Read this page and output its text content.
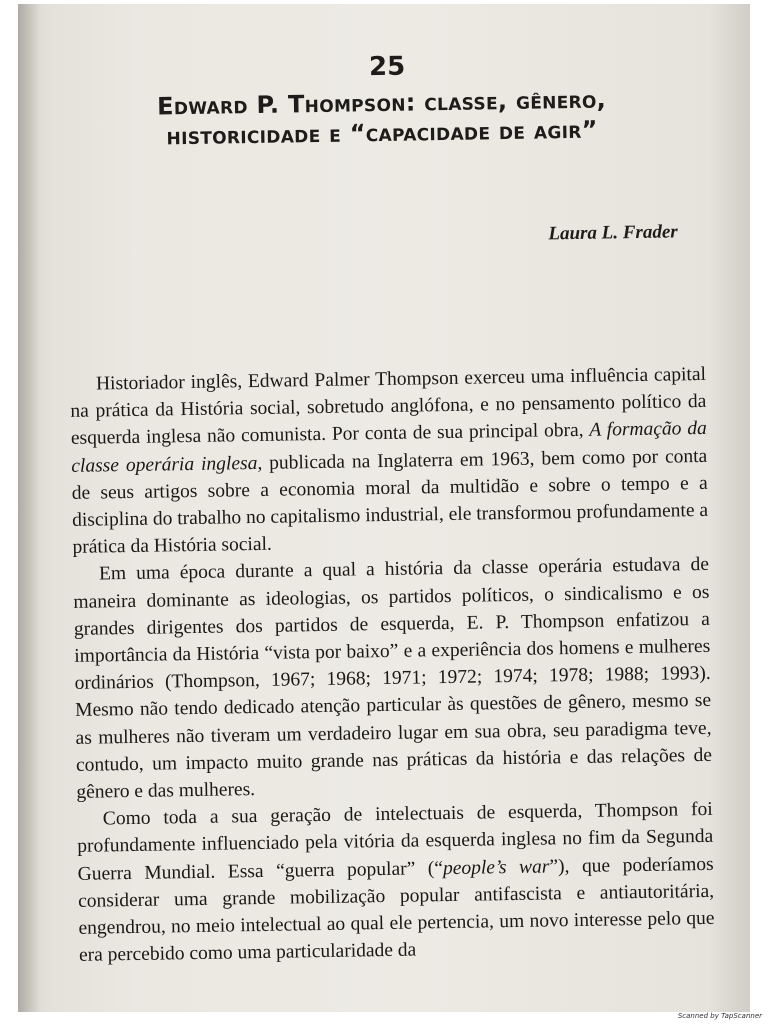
25
Edward P. Thompson: classe, gênero,
historicidade e “capacidade de agir”
Laura L. Frader

Historiador inglês, Edward Palmer Thompson exerceu uma influência capital na prática da História social, sobretudo anglófona, e no pensamento político da esquerda inglesa não comunista. Por conta de sua principal obra, A formação da classe operária inglesa, publicada na Inglaterra em 1963, bem como por conta de seus artigos sobre a economia moral da multidão e sobre o tempo e a disciplina do trabalho no capitalismo industrial, ele transformou profundamente a prática da História social.

Em uma época durante a qual a história da classe operária estudava de maneira dominante as ideologias, os partidos políticos, o sindicalismo e os grandes dirigentes dos partidos de esquerda, E. P. Thompson enfatizou a importância da História “vista por baixo” e a experiência dos homens e mulheres ordinários (Thompson, 1967; 1968; 1971; 1972; 1974; 1978; 1988; 1993). Mesmo não tendo dedicado atenção particular às questões de gênero, mesmo se as mulheres não tiveram um verdadeiro lugar em sua obra, seu paradigma teve, contudo, um impacto muito grande nas práticas da história e das relações de gênero e das mulheres.

Como toda a sua geração de intelectuais de esquerda, Thompson foi profundamente influenciado pela vitória da esquerda inglesa no fim da Segunda Guerra Mundial. Essa “guerra popular” (“people’s war”), que poderíamos considerar uma grande mobilização popular antifascista e antiautoritária, engendrou, no meio intelectual ao qual ele pertencia, um novo interesse pelo que era percebido como uma particularidade da

Scanned by TapScanner
